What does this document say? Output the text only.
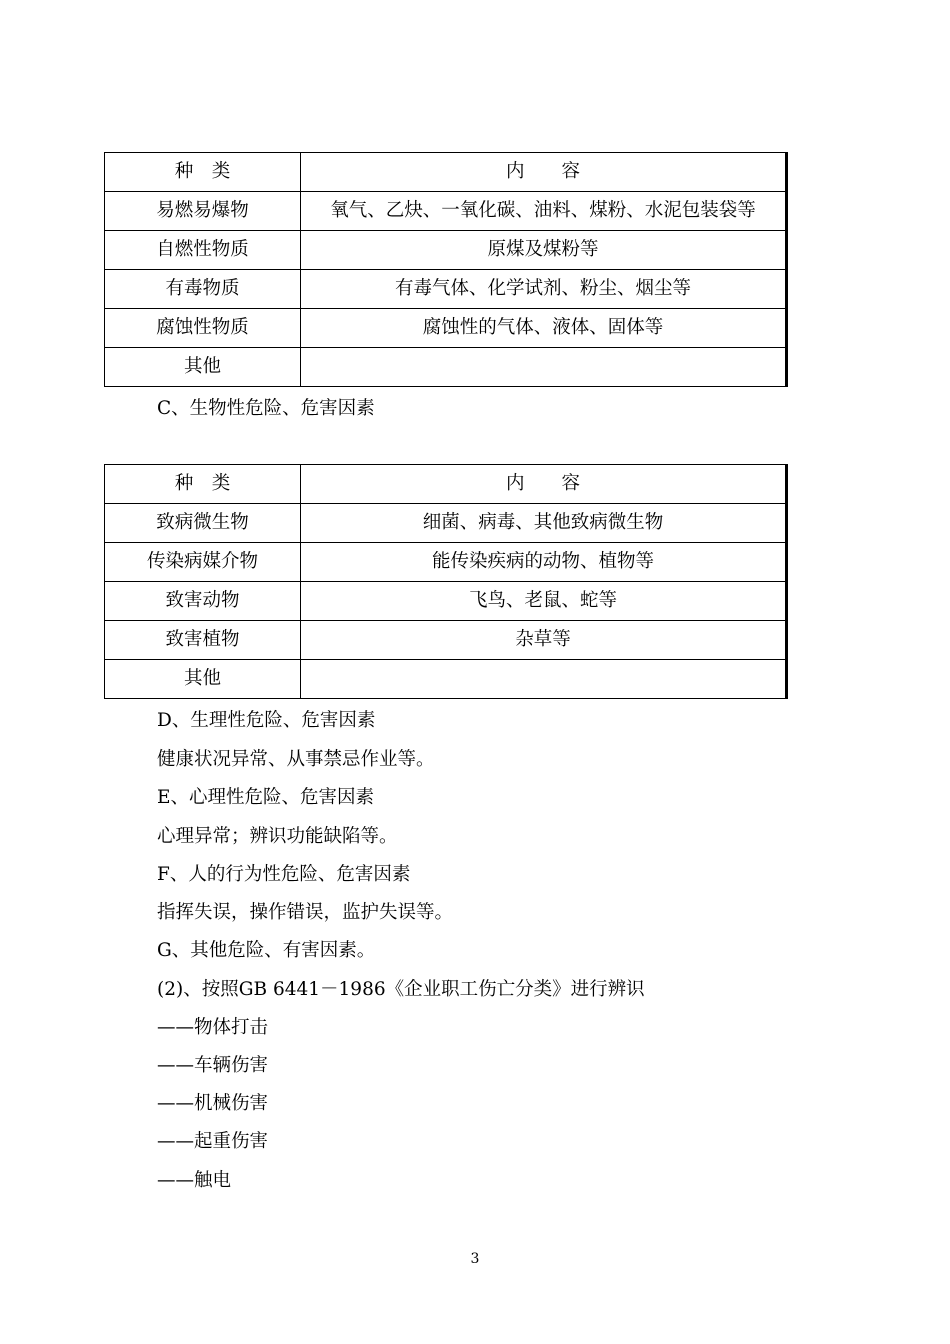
种　类	内　　容
易燃易爆物	氧气、乙炔、一氧化碳、油料、煤粉、水泥包装袋等
自燃性物质	原煤及煤粉等
有毒物质	有毒气体、化学试剂、粉尘、烟尘等
腐蚀性物质	腐蚀性的气体、液体、固体等
其他	
C、生物性危险、危害因素
种　类	内　　容
致病微生物	细菌、病毒、其他致病微生物
传染病媒介物	能传染疾病的动物、植物等
致害动物	飞鸟、老鼠、蛇等
致害植物	杂草等
其他	
D、生理性危险、危害因素
健康状况异常、从事禁忌作业等。
E、心理性危险、危害因素
心理异常；辨识功能缺陷等。
F、人的行为性危险、危害因素
指挥失误，操作错误，监护失误等。
G、其他危险、有害因素。
(2)、按照GB 6441－1986《企业职工伤亡分类》进行辨识
——物体打击
——车辆伤害
——机械伤害
——起重伤害
——触电
3
